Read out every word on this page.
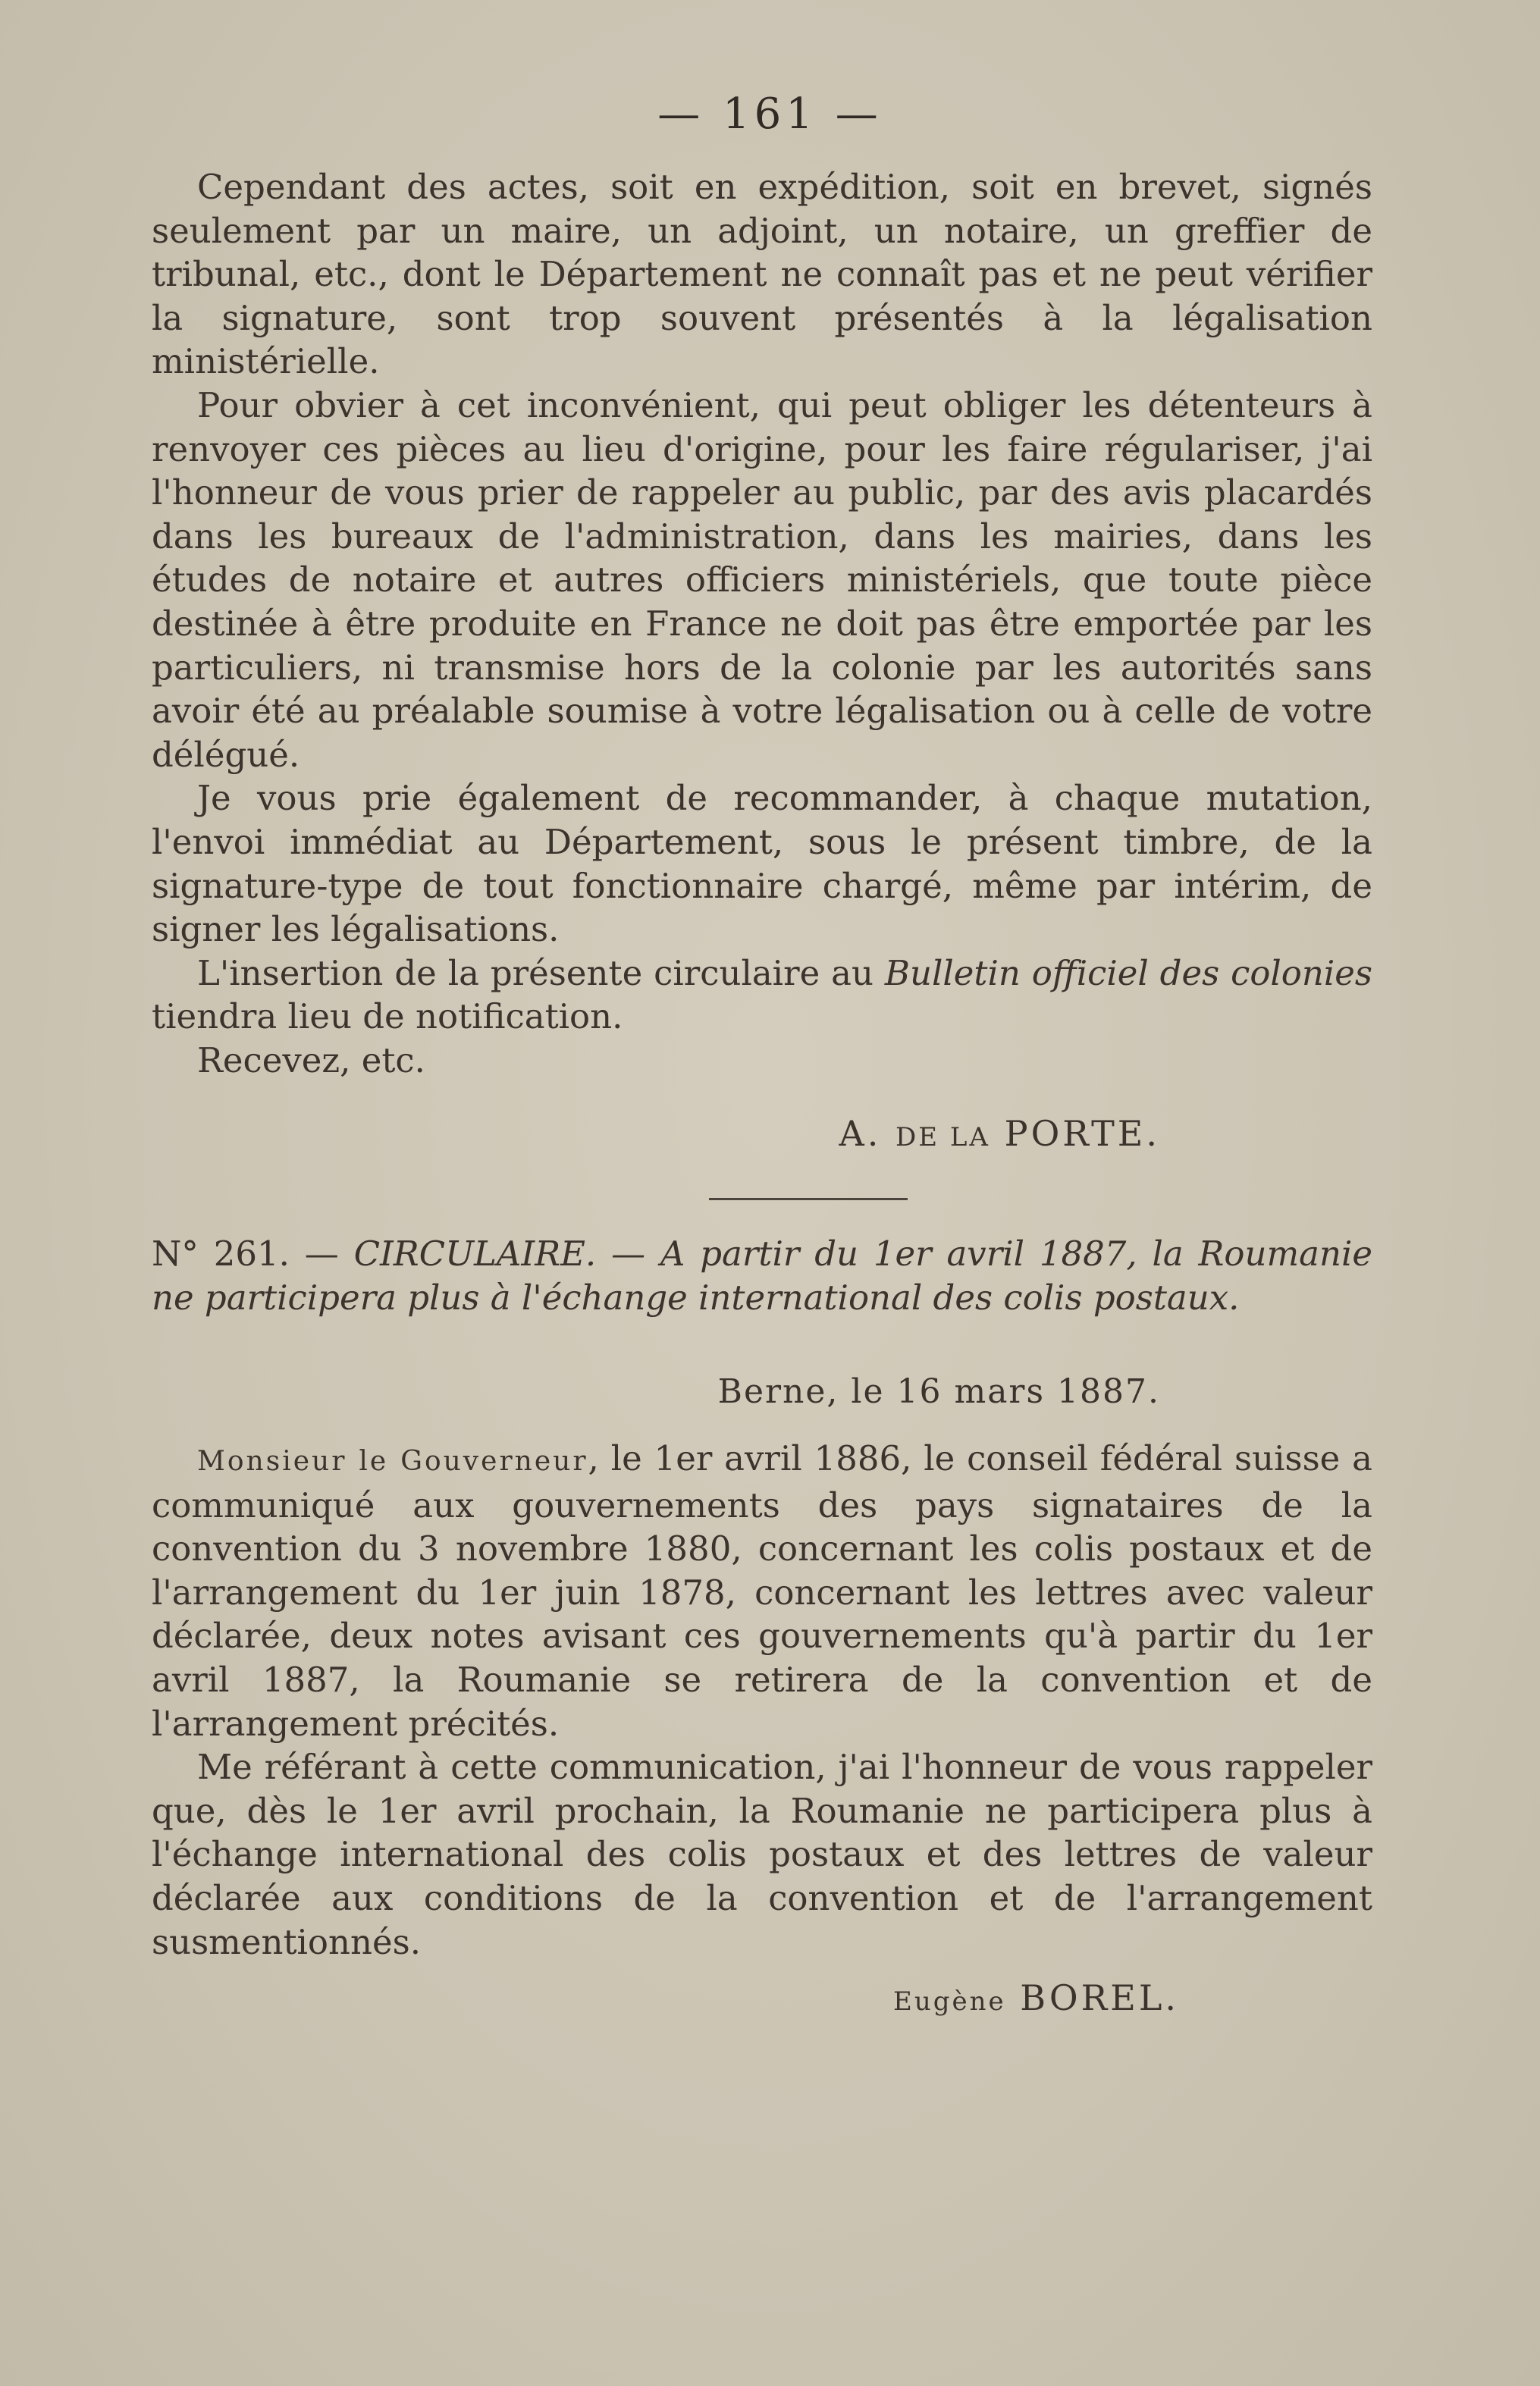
— 161 —

Cependant des actes, soit en expédition, soit en brevet, signés seulement par un maire, un adjoint, un notaire, un greffier de tribunal, etc., dont le Département ne connaît pas et ne peut vérifier la signature, sont trop souvent présentés à la légalisation ministérielle.

Pour obvier à cet inconvénient, qui peut obliger les détenteurs à renvoyer ces pièces au lieu d'origine, pour les faire régulariser, j'ai l'honneur de vous prier de rappeler au public, par des avis placardés dans les bureaux de l'administration, dans les mairies, dans les études de notaire et autres officiers ministériels, que toute pièce destinée à être produite en France ne doit pas être emportée par les particuliers, ni transmise hors de la colonie par les autorités sans avoir été au préalable soumise à votre légalisation ou à celle de votre délégué.

Je vous prie également de recommander, à chaque mutation, l'envoi immédiat au Département, sous le présent timbre, de la signature-type de tout fonctionnaire chargé, même par intérim, de signer les légalisations.

L'insertion de la présente circulaire au Bulletin officiel des colonies tiendra lieu de notification.

Recevez, etc.

A. DE LA PORTE.

N° 261. — CIRCULAIRE. — A partir du 1er avril 1887, la Roumanie ne participera plus à l'échange international des colis postaux.

Berne, le 16 mars 1887.

Monsieur le Gouverneur, le 1er avril 1886, le conseil fédéral suisse a communiqué aux gouvernements des pays signataires de la convention du 3 novembre 1880, concernant les colis postaux et de l'arrangement du 1er juin 1878, concernant les lettres avec valeur déclarée, deux notes avisant ces gouvernements qu'à partir du 1er avril 1887, la Roumanie se retirera de la convention et de l'arrangement précités.

Me référant à cette communication, j'ai l'honneur de vous rappeler que, dès le 1er avril prochain, la Roumanie ne participera plus à l'échange international des colis postaux et des lettres de valeur déclarée aux conditions de la convention et de l'arrangement susmentionnés.

Eugène BOREL.
